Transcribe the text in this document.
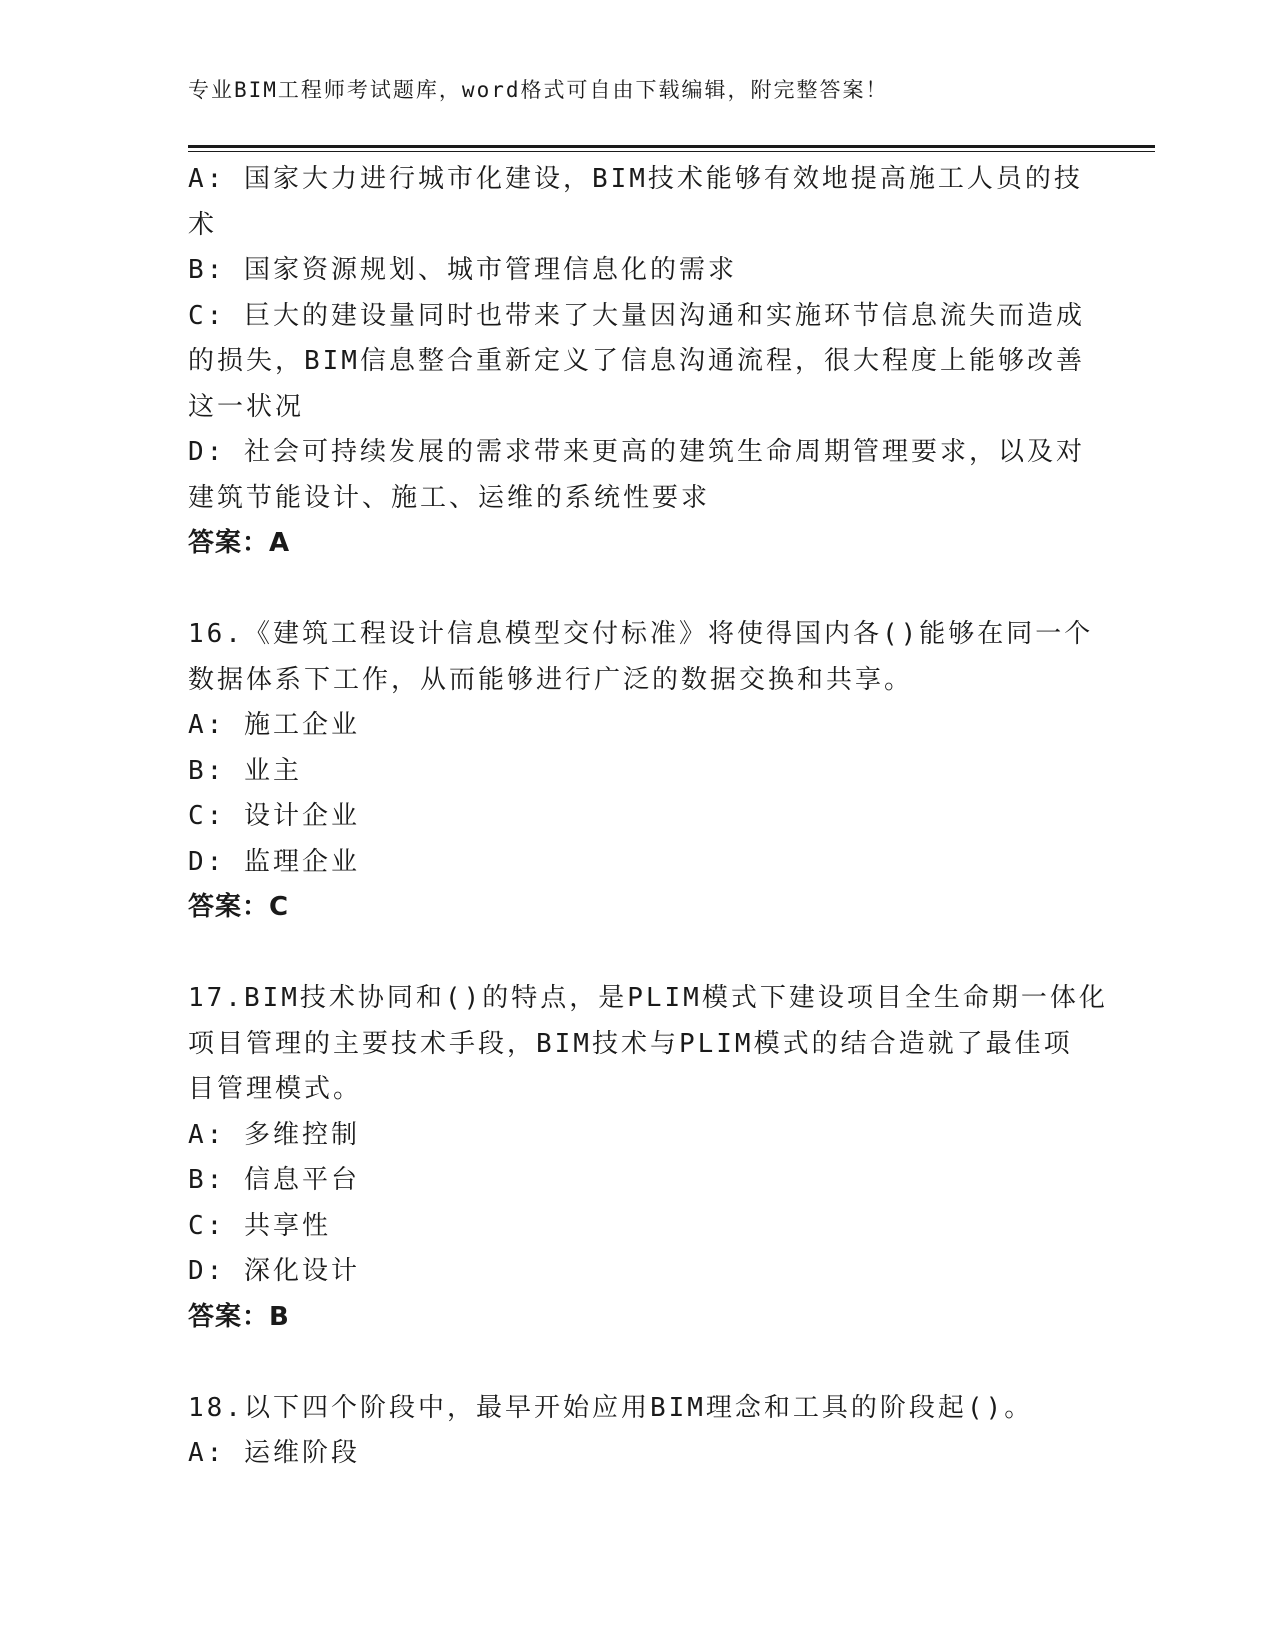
专业BIM工程师考试题库，word格式可自由下载编辑，附完整答案！
A: 国家大力进行城市化建设，BIM技术能够有效地提高施工人员的技
术
B: 国家资源规划、城市管理信息化的需求
C: 巨大的建设量同时也带来了大量因沟通和实施环节信息流失而造成
的损失，BIM信息整合重新定义了信息沟通流程，很大程度上能够改善
这一状况
D: 社会可持续发展的需求带来更高的建筑生命周期管理要求，以及对
建筑节能设计、施工、运维的系统性要求
答案：A
16.《建筑工程设计信息模型交付标准》将使得国内各()能够在同一个
数据体系下工作，从而能够进行广泛的数据交换和共享。
A: 施工企业
B: 业主
C: 设计企业
D: 监理企业
答案：C
17.BIM技术协同和()的特点，是PLIM模式下建设项目全生命期一体化
项目管理的主要技术手段，BIM技术与PLIM模式的结合造就了最佳项
目管理模式。
A: 多维控制
B: 信息平台
C: 共享性
D: 深化设计
答案：B
18.以下四个阶段中，最早开始应用BIM理念和工具的阶段起()。
A: 运维阶段
